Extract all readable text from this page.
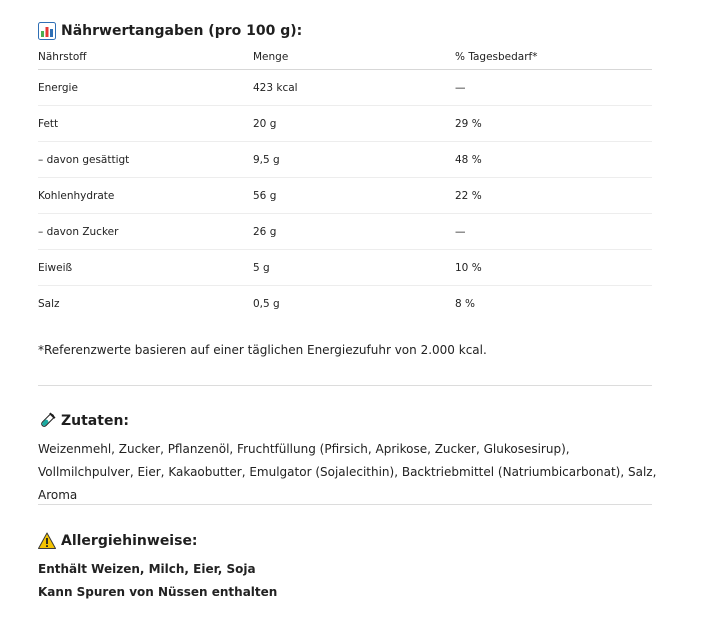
Nährwertangaben (pro 100 g):
Nährstoff	Menge	% Tagesbedarf*
Energie	423 kcal	—
Fett	20 g	29 %
– davon gesättigt	9,5 g	48 %
Kohlenhydrate	56 g	22 %
– davon Zucker	26 g	—
Eiweiß	5 g	10 %
Salz	0,5 g	8 %
*Referenzwerte basieren auf einer täglichen Energiezufuhr von 2.000 kcal.
Zutaten:
Weizenmehl, Zucker, Pflanzenöl, Fruchtfüllung (Pfirsich, Aprikose, Zucker, Glukosesirup), Vollmilchpulver, Eier, Kakaobutter, Emulgator (Sojalecithin), Backtriebmittel (Natriumbicarbonat), Salz, Aroma
Allergiehinweise:
Enthält Weizen, Milch, Eier, Soja
Kann Spuren von Nüssen enthalten
